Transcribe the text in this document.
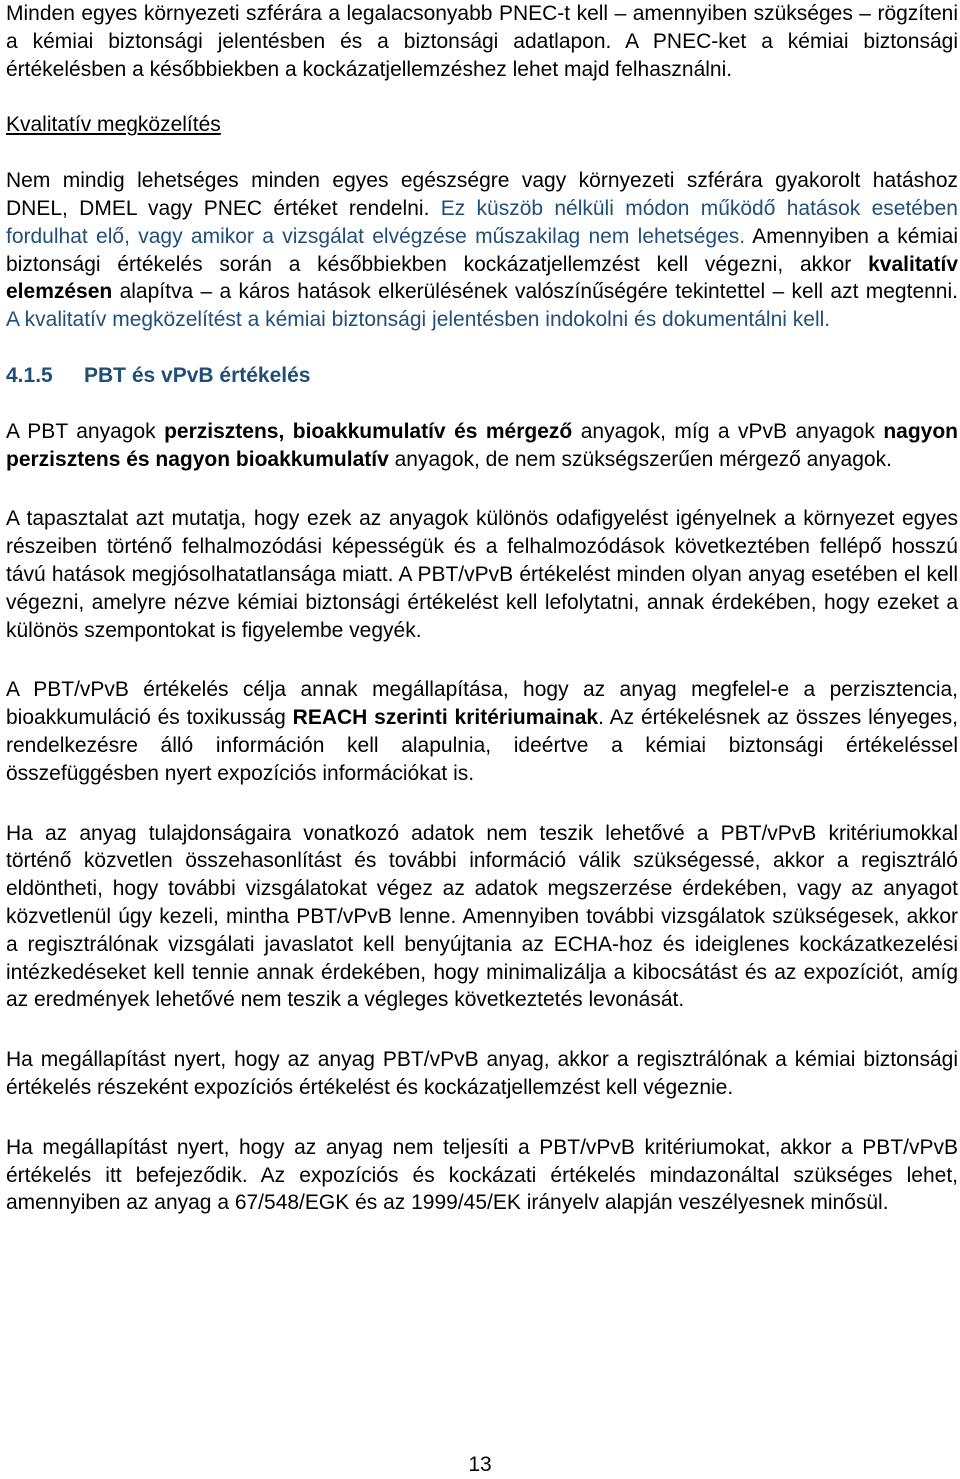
Minden egyes környezeti szférára a legalacsonyabb PNEC-t kell – amennyiben szükséges – rögzíteni a kémiai biztonsági jelentésben és a biztonsági adatlapon. A PNEC-ket a kémiai biztonsági értékelésben a későbbiekben a kockázatjellemzéshez lehet majd felhasználni.

Kvalitatív megközelítés

Nem mindig lehetséges minden egyes egészségre vagy környezeti szférára gyakorolt hatáshoz DNEL, DMEL vagy PNEC értéket rendelni. Ez küszöb nélküli módon működő hatások esetében fordulhat elő, vagy amikor a vizsgálat elvégzése műszakilag nem lehetséges. Amennyiben a kémiai biztonsági értékelés során a későbbiekben kockázatjellemzést kell végezni, akkor kvalitatív elemzésen alapítva – a káros hatások elkerülésének valószínűségére tekintettel – kell azt megtenni. A kvalitatív megközelítést a kémiai biztonsági jelentésben indokolni és dokumentálni kell.

4.1.5 PBT és vPvB értékelés

A PBT anyagok perzisztens, bioakkumulatív és mérgező anyagok, míg a vPvB anyagok nagyon perzisztens és nagyon bioakkumulatív anyagok, de nem szükségszerűen mérgező anyagok.

A tapasztalat azt mutatja, hogy ezek az anyagok különös odafigyelést igényelnek a környezet egyes részeiben történő felhalmozódási képességük és a felhalmozódások következtében fellépő hosszú távú hatások megjósolhatatlansága miatt. A PBT/vPvB értékelést minden olyan anyag esetében el kell végezni, amelyre nézve kémiai biztonsági értékelést kell lefolytatni, annak érdekében, hogy ezeket a különös szempontokat is figyelembe vegyék.

A PBT/vPvB értékelés célja annak megállapítása, hogy az anyag megfelel-e a perzisztencia, bioakkumuláció és toxikusság REACH szerinti kritériumainak. Az értékelésnek az összes lényeges, rendelkezésre álló információn kell alapulnia, ideértve a kémiai biztonsági értékeléssel összefüggésben nyert expozíciós információkat is.

Ha az anyag tulajdonságaira vonatkozó adatok nem teszik lehetővé a PBT/vPvB kritériumokkal történő közvetlen összehasonlítást és további információ válik szükségessé, akkor a regisztráló eldöntheti, hogy további vizsgálatokat végez az adatok megszerzése érdekében, vagy az anyagot közvetlenül úgy kezeli, mintha PBT/vPvB lenne. Amennyiben további vizsgálatok szükségesek, akkor a regisztrálónak vizsgálati javaslatot kell benyújtania az ECHA-hoz és ideiglenes kockázatkezelési intézkedéseket kell tennie annak érdekében, hogy minimalizálja a kibocsátást és az expozíciót, amíg az eredmények lehetővé nem teszik a végleges következtetés levonását.

Ha megállapítást nyert, hogy az anyag PBT/vPvB anyag, akkor a regisztrálónak a kémiai biztonsági értékelés részeként expozíciós értékelést és kockázatjellemzést kell végeznie.

Ha megállapítást nyert, hogy az anyag nem teljesíti a PBT/vPvB kritériumokat, akkor a PBT/vPvB értékelés itt befejeződik. Az expozíciós és kockázati értékelés mindazonáltal szükséges lehet, amennyiben az anyag a 67/548/EGK és az 1999/45/EK irányelv alapján veszélyesnek minősül.

13
